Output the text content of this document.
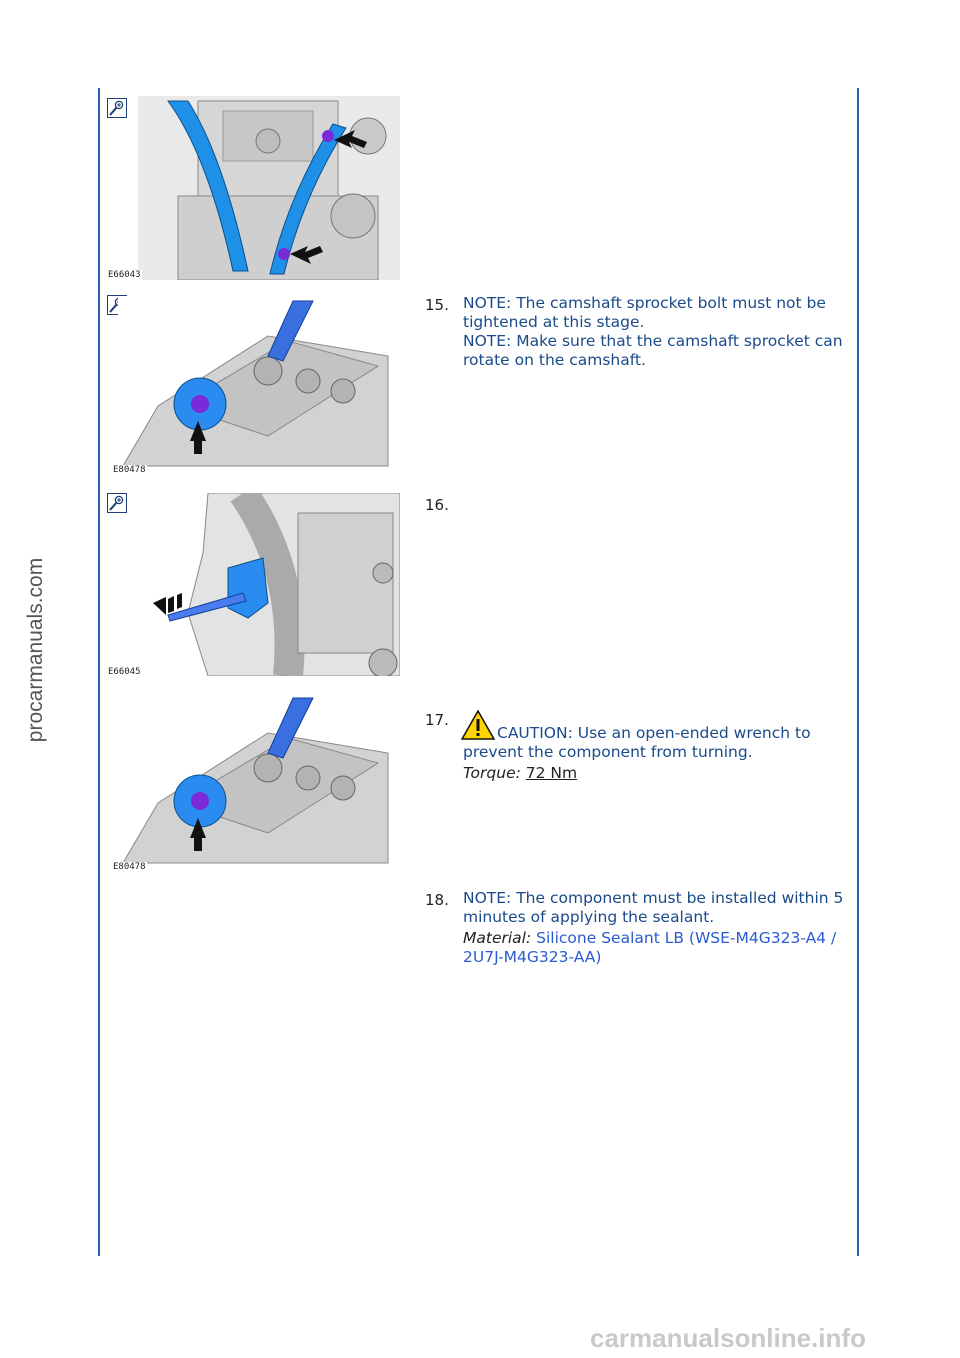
procarmanuals.com
E66043
E80478
15. NOTE: The camshaft sprocket bolt must not be tightened at this stage.

NOTE: Make sure that the camshaft sprocket can rotate on the camshaft.

E66045
16.
E80478
17.

CAUTION: Use an open-ended wrench to prevent the component from turning.

Torque: 72 Nm

18. NOTE: The component must be installed within 5 minutes of applying the sealant.

Material: Silicone Sealant LB (WSE-M4G323-A4 / 2U7J-M4G323-AA)

carmanualsonline.info
